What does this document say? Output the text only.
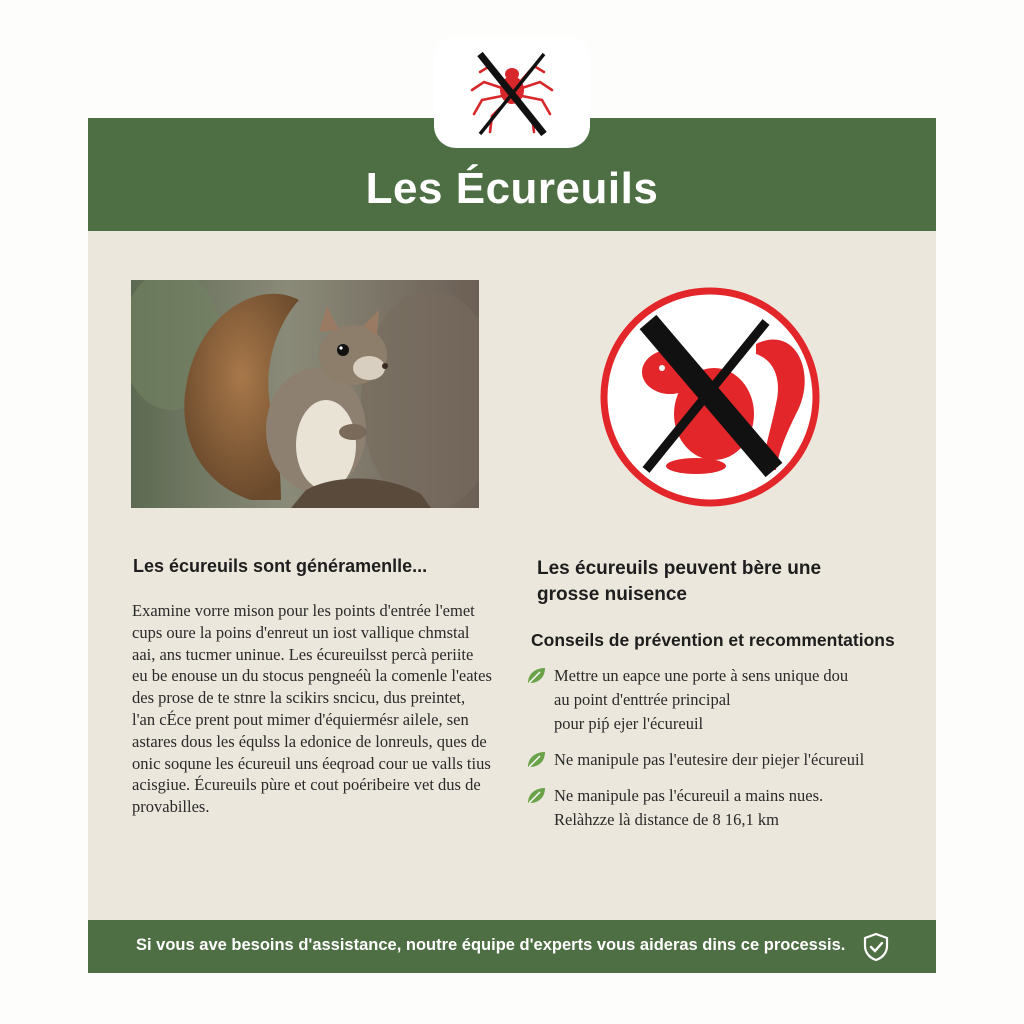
Les Écureuils
Les écureuils sont généramenlle...

Examine vorre mison pour les points d'entrée l'emet cups oure la poins d'enreut un iost vallique chmstal aai, ans tucmer uninue. Les écureuilsst percà periite eu be enouse un du stocus pengneéù la comenle l'eates des prose de te stnre la scikirs sncicu, dus preintet, l'an cÉce prent pout mimer d'équiermésr ailele, sen astares dous les équlss la edonice de lonreuls, ques de onic soqune les écureuil uns éeqroad cour ue valls tius acisgiue. Écureuils pùre et cout poéribeire vet dus de provabilles.

Les écureuils peuvent bère une
grosse nuisence
Conseils de prévention et recommentations
Mettre un eapce une porte à sens unique dou
au point d'enttrée principal
pour piṕ ejer l'écureuil
Ne manipule pas l'eutesire deır piejer l'écureuil
Ne manipule pas l'écureuil a mains nues.
Relàhzze là distance de 8 16,1 km

Si vous ave besoins d'assistance, noutre équipe d'experts vous aideras dins ce processis.
